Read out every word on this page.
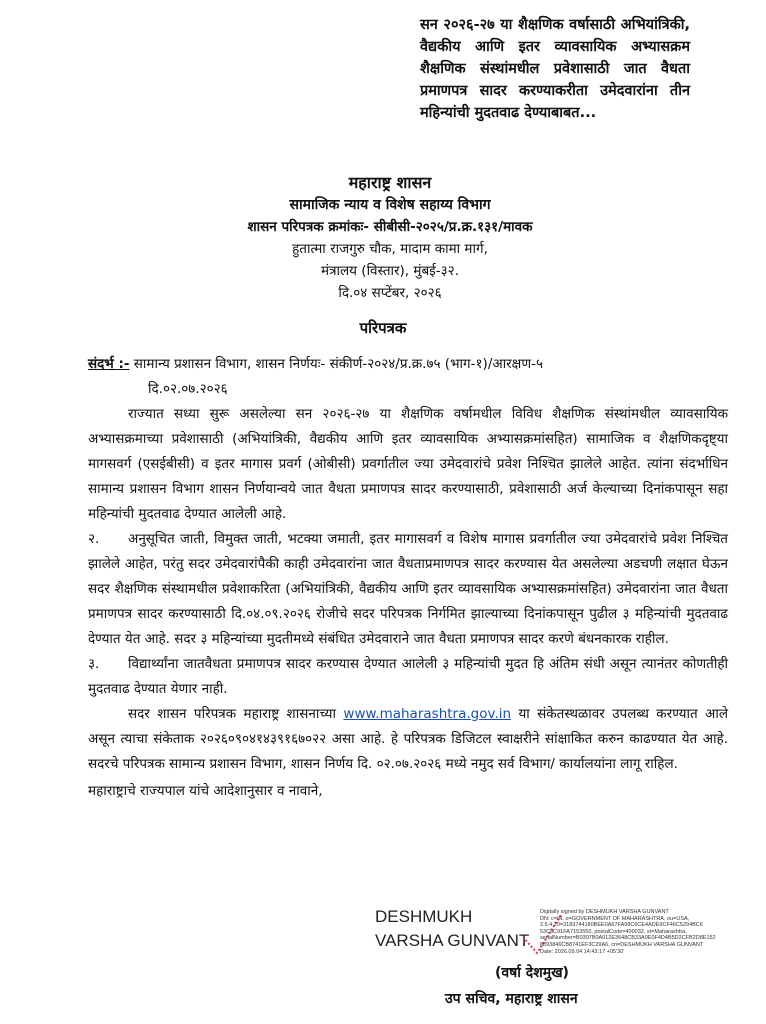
सन २०२६-२७ या शैक्षणिक वर्षासाठी अभियांत्रिकी, वैद्यकीय आणि इतर व्यावसायिक अभ्यासक्रम शैक्षणिक संस्थांमधील प्रवेशासाठी जात वैधता प्रमाणपत्र सादर करण्याकरीता उमेदवारांना तीन महिन्यांची मुदतवाढ देण्याबाबत...
महाराष्ट्र शासन
सामाजिक न्याय व विशेष सहाय्य विभाग
शासन परिपत्रक क्रमांकः- सीबीसी-२०२५/प्र.क्र.१३१/मावक
हुतात्मा राजगुरु चौक, मादाम कामा मार्ग,
मंत्रालय (विस्तार), मुंबई-३२.
दि.०४ सप्टेंबर, २०२६
परिपत्रक

संदर्भ :- सामान्य प्रशासन विभाग, शासन निर्णयः- संकीर्ण-२०२४/प्र.क्र.७५ (भाग-१)/आरक्षण-५
दि.०२.०७.२०२६

राज्यात सध्या सुरू असलेल्या सन २०२६-२७ या शैक्षणिक वर्षामधील विविध शैक्षणिक संस्थांमधील व्यावसायिक अभ्यासक्रमाच्या प्रवेशासाठी (अभियांत्रिकी, वैद्यकीय आणि इतर व्यावसायिक अभ्यासक्रमांसहित) सामाजिक व शैक्षणिकदृष्ट्या मागसवर्ग (एसईबीसी) व इतर मागास प्रवर्ग (ओबीसी) प्रवर्गातील ज्या उमेदवारांचे प्रवेश निश्चित झालेले आहेत. त्यांना संदर्भाधिन सामान्य प्रशासन विभाग शासन निर्णयान्वये जात वैधता प्रमाणपत्र सादर करण्यासाठी, प्रवेशासाठी अर्ज केल्याच्या दिनांकपासून सहा महिन्यांची मुदतवाढ देण्यात आलेली आहे.

२. अनुसूचित जाती, विमुक्त जाती, भटक्या जमाती, इतर मागासवर्ग व विशेष मागास प्रवर्गातील ज्या उमेदवारांचे प्रवेश निश्चित झालेले आहेत, परंतु सदर उमेदवारांपैकी काही उमेदवारांना जात वैधताप्रमाणपत्र सादर करण्यास येत असलेल्या अडचणी लक्षात घेऊन सदर शैक्षणिक संस्थामधील प्रवेशाकरिता (अभियांत्रिकी, वैद्यकीय आणि इतर व्यावसायिक अभ्यासक्रमांसहित) उमेदवारांना जात वैधता प्रमाणपत्र सादर करण्यासाठी दि.०४.०९.२०२६ रोजीचे सदर परिपत्रक निर्गमित झाल्याच्या दिनांकपासून पुढील ३ महिन्यांची मुदतवाढ देण्यात येत आहे. सदर ३ महिन्यांच्या मुदतीमध्ये संबंधित उमेदवाराने जात वैधता प्रमाणपत्र सादर करणे बंधनकारक राहील.

३. विद्यार्थ्यांना जातवैधता प्रमाणपत्र सादर करण्यास देण्यात आलेली ३ महिन्यांची मुदत हि अंतिम संधी असून त्यानंतर कोणतीही मुदतवाढ देण्यात येणार नाही.

सदर शासन परिपत्रक महाराष्ट्र शासनाच्या www.maharashtra.gov.in या संकेतस्थळावर उपलब्ध करण्यात आले असून त्याचा संकेताक २०२६०९०४१४३९१६७०२२ असा आहे. हे परिपत्रक डिजिटल स्वाक्षरीने सांक्षाकित करुन काढण्यात येत आहे. सदरचे परिपत्रक सामान्य प्रशासन विभाग, शासन निर्णय दि. ०२.०७.२०२६ मध्ये नमुद सर्व विभाग/ कार्यालयांना लागू राहिल.

महाराष्ट्राचे राज्यपाल यांचे आदेशानुसार व नावाने,

DESHMUKH
VARSHA GUNVANT
Digitally signed by DESHMUKH VARSHA GUNVANT
DN: c=IN, o=GOVERNMENT OF MAHARASHTRA, ou=USA,
2.5.4.20=3183744180BEE0A67FA98C6CE4ADE9CF46C5294BC6
53C9C91FA7153550, postalCode=400032, st=Maharashtra,
serialNumber=B0307B0A012E3648CB33A0E0F4D4B5D2CFB2D8E152
6893846CB8741EF3C29A6, cn=DESHMUKH VARSHA GUNVANT
Date: 2026.09.04 14:43:17 +05'30'
(वर्षा देशमुख)
उप सचिव, महाराष्ट्र शासन
